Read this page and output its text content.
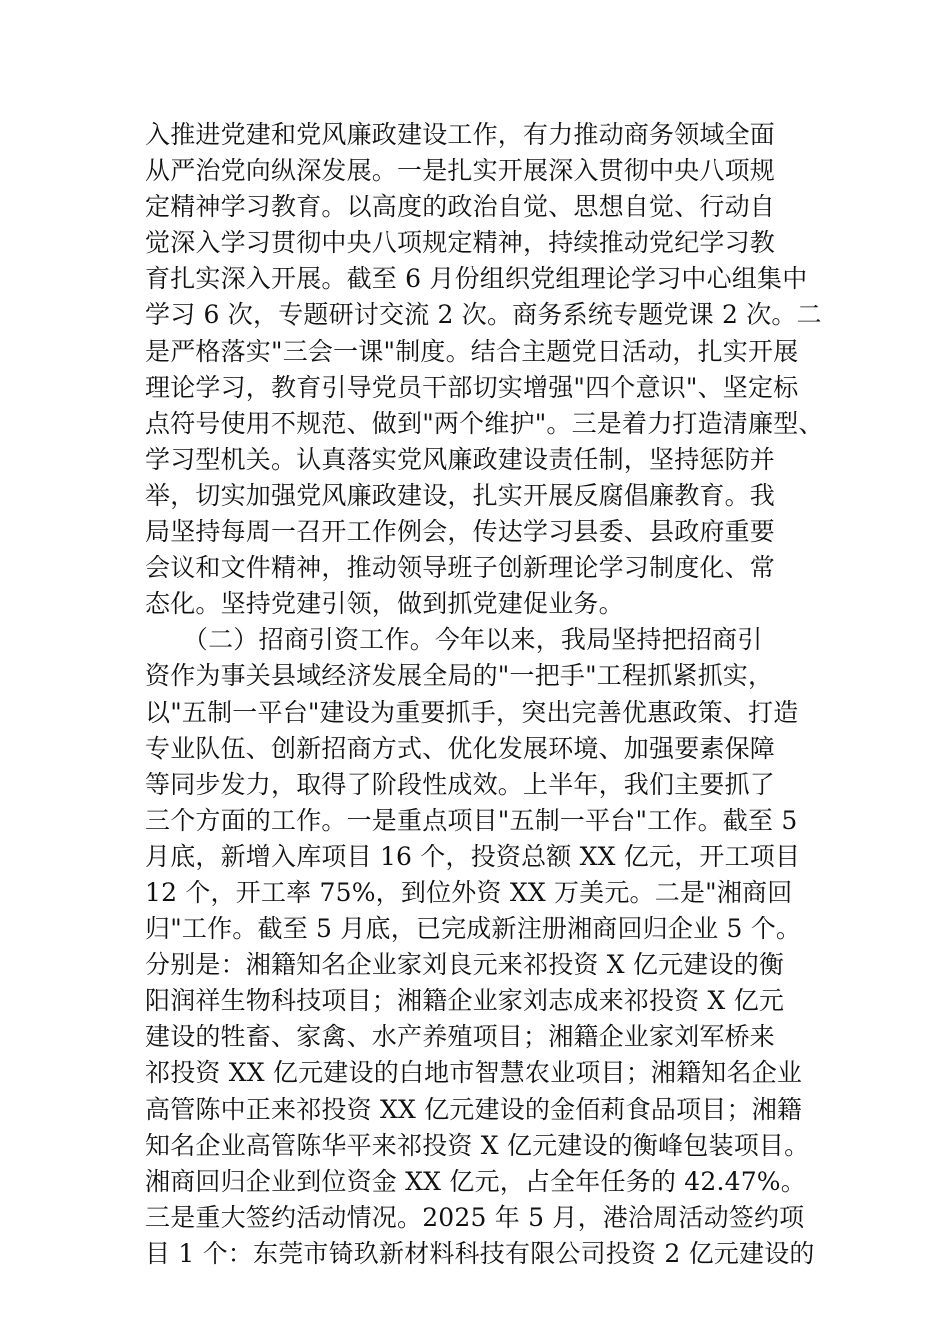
入推进党建和党风廉政建设工作，有力推动商务领域全面
从严治党向纵深发展。一是扎实开展深入贯彻中央八项规
定精神学习教育。以高度的政治自觉、思想自觉、行动自
觉深入学习贯彻中央八项规定精神，持续推动党纪学习教
育扎实深入开展。截至 6 月份组织党组理论学习中心组集中
学习 6 次，专题研讨交流 2 次。商务系统专题党课 2 次。二
是严格落实"三会一课"制度。结合主题党日活动，扎实开展
理论学习，教育引导党员干部切实增强"四个意识"、坚定标
点符号使用不规范、做到"两个维护"。三是着力打造清廉型、
学习型机关。认真落实党风廉政建设责任制，坚持惩防并
举，切实加强党风廉政建设，扎实开展反腐倡廉教育。我
局坚持每周一召开工作例会，传达学习县委、县政府重要
会议和文件精神，推动领导班子创新理论学习制度化、常
态化。坚持党建引领，做到抓党建促业务。
　　（二）招商引资工作。今年以来，我局坚持把招商引
资作为事关县域经济发展全局的"一把手"工程抓紧抓实，
以"五制一平台"建设为重要抓手，突出完善优惠政策、打造
专业队伍、创新招商方式、优化发展环境、加强要素保障
等同步发力，取得了阶段性成效。上半年，我们主要抓了
三个方面的工作。一是重点项目"五制一平台"工作。截至 5
月底，新增入库项目 16 个，投资总额 XX 亿元，开工项目
12 个，开工率 75%，到位外资 XX 万美元。二是"湘商回
归"工作。截至 5 月底，已完成新注册湘商回归企业 5 个。
分别是：湘籍知名企业家刘良元来祁投资 X 亿元建设的衡
阳润祥生物科技项目；湘籍企业家刘志成来祁投资 X 亿元
建设的牲畜、家禽、水产养殖项目；湘籍企业家刘军桥来
祁投资 XX 亿元建设的白地市智慧农业项目；湘籍知名企业
高管陈中正来祁投资 XX 亿元建设的金佰莉食品项目；湘籍
知名企业高管陈华平来祁投资 X 亿元建设的衡峰包装项目。
湘商回归企业到位资金 XX 亿元，占全年任务的 42.47%。
三是重大签约活动情况。2025 年 5 月，港洽周活动签约项
目 1 个：东莞市锜玖新材料科技有限公司投资 2 亿元建设的
